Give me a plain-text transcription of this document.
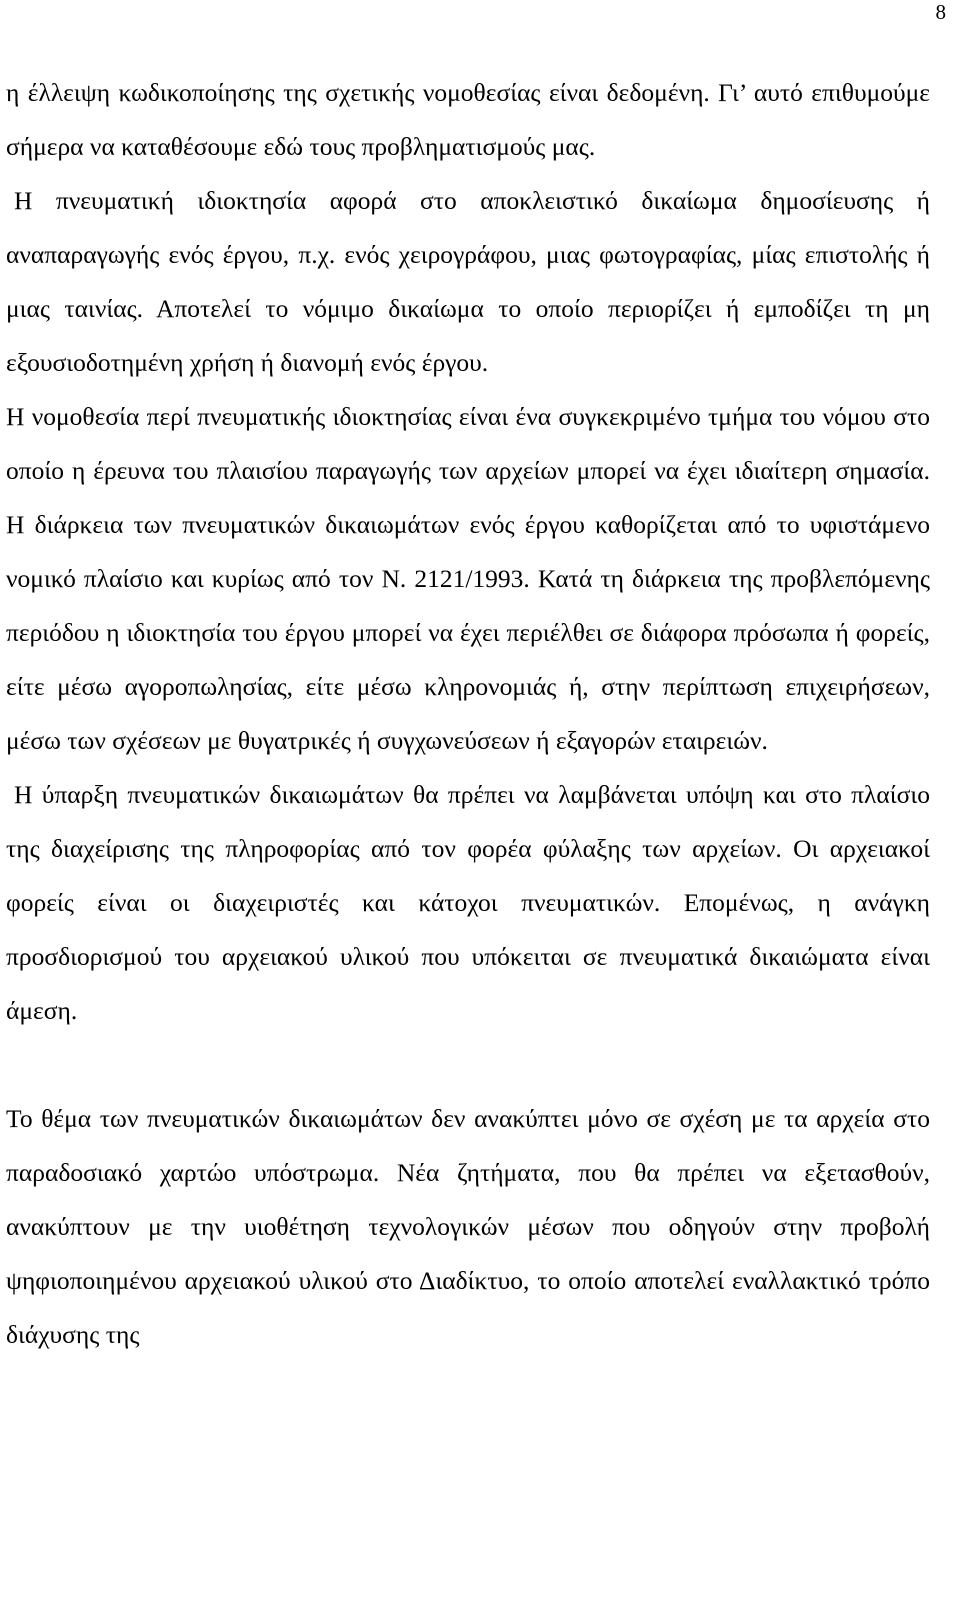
8

η έλλειψη κωδικοποίησης της σχετικής νομοθεσίας είναι δεδομένη. Γι’ αυτό επιθυμούμε σήμερα να καταθέσουμε εδώ τους προβληματισμούς μας.

Η πνευματική ιδιοκτησία αφορά στο αποκλειστικό δικαίωμα δημοσίευσης ή αναπαραγωγής ενός έργου, π.χ. ενός χειρογράφου, μιας φωτογραφίας, μίας επιστολής ή μιας ταινίας. Αποτελεί το νόμιμο δικαίωμα το οποίο περιορίζει ή εμποδίζει τη μη εξουσιοδοτημένη χρήση ή διανομή ενός έργου.

Η νομοθεσία περί πνευματικής ιδιοκτησίας είναι ένα συγκεκριμένο τμήμα του νόμου στο οποίο η έρευνα του πλαισίου παραγωγής των αρχείων μπορεί να έχει ιδιαίτερη σημασία. Η διάρκεια των πνευματικών δικαιωμάτων ενός έργου καθορίζεται από το υφιστάμενο νομικό πλαίσιο και κυρίως από τον Ν. 2121/1993. Κατά τη διάρκεια της προβλεπόμενης περιόδου η ιδιοκτησία του έργου μπορεί να έχει περιέλθει σε διάφορα πρόσωπα ή φορείς, είτε μέσω αγοροπωλησίας, είτε μέσω κληρονομιάς ή, στην περίπτωση επιχειρήσεων, μέσω των σχέσεων με θυγατρικές ή συγχωνεύσεων ή εξαγορών εταιρειών.

Η ύπαρξη πνευματικών δικαιωμάτων θα πρέπει να λαμβάνεται υπόψη και στο πλαίσιο της διαχείρισης της πληροφορίας από τον φορέα φύλαξης των αρχείων. Οι αρχειακοί φορείς είναι οι διαχειριστές και κάτοχοι πνευματικών. Επομένως, η ανάγκη προσδιορισμού του αρχειακού υλικού που υπόκειται σε πνευματικά δικαιώματα είναι άμεση.

Το θέμα των πνευματικών δικαιωμάτων δεν ανακύπτει μόνο σε σχέση με τα αρχεία στο παραδοσιακό χαρτώο υπόστρωμα. Νέα ζητήματα, που θα πρέπει να εξετασθούν, ανακύπτουν με την υιοθέτηση τεχνολογικών μέσων που οδηγούν στην προβολή ψηφιοποιημένου αρχειακού υλικού στο Διαδίκτυο, το οποίο αποτελεί εναλλακτικό τρόπο διάχυσης της
